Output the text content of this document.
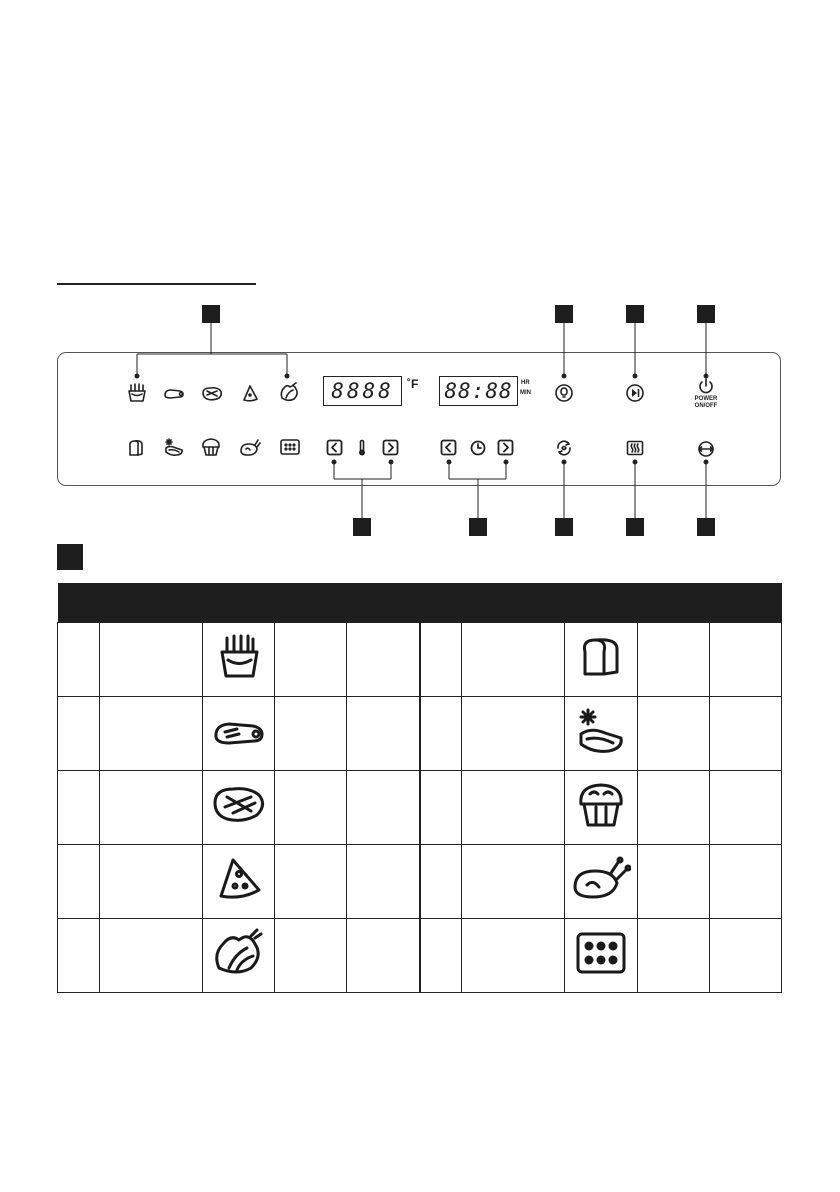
8888 ˚F 88:88 HR
MIN
POWER
ON/OFF
